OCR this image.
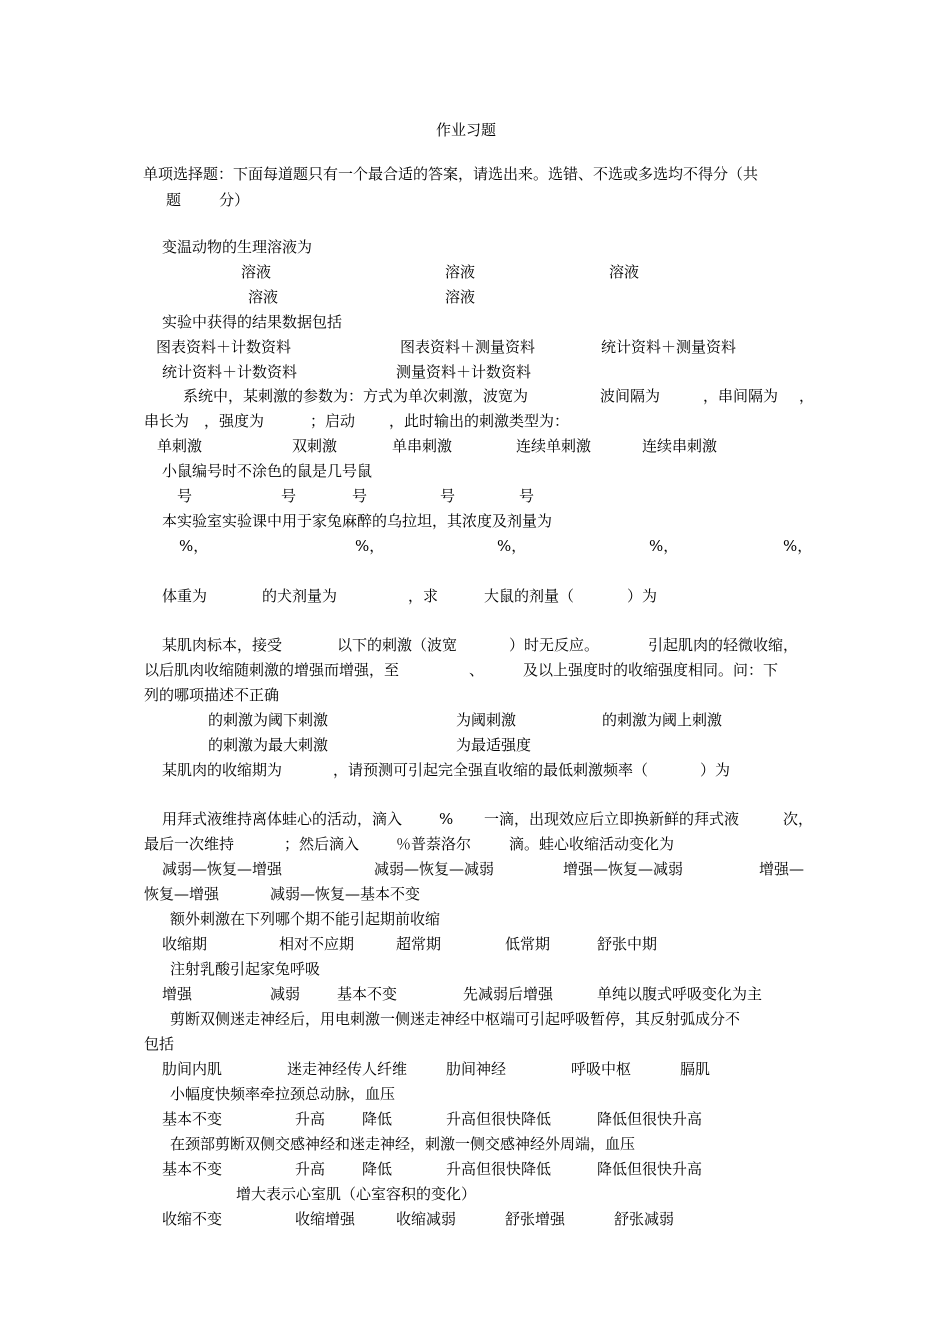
作业习题
单项选择题：下面每道题只有一个最合适的答案，请选出来。选错、不选或多选均不得分（共
题        分）
变温动物的生理溶液为
溶液	溶液	溶液
溶液	溶液
实验中获得的结果数据包括
图表资料＋计数资料	图表资料＋测量资料	统计资料＋测量资料
统计资料＋计数资料	测量资料＋计数资料
系统中，某刺激的参数为：方式为单次刺激，波宽为	波间隔为	，串间隔为 ，
串长为 ，强度为	；启动 ，此时输出的刺激类型为：
单刺激	双刺激	单串刺激	连续单刺激	连续串刺激
小鼠编号时不涂色的鼠是几号鼠
号	号	号	号	号
本实验室实验课中用于家兔麻醉的乌拉坦，其浓度及剂量为
%，	%，	%，	%，	%，
体重为	的犬剂量为	，求	大鼠的剂量（	）为
某肌肉标本，接受	以下的刺激（波宽	）时无反应。	引起肌肉的轻微收缩，
以后肌肉收缩随刺激的增强而增强，至	、	及以上强度时的收缩强度相同。问：下
列的哪项描述不正确
的刺激为阈下刺激	为阈刺激	的刺激为阈上刺激
的刺激为最大刺激	为最适强度
某肌肉的收缩期为	，请预测可引起完全强直收缩的最低刺激频率（	）为
用拜式液维持离体蛙心的活动，滴入 % 一滴，出现效应后立即换新鲜的拜式液	次，
最后一次维持	；然后滴入 ％普萘洛尔	滴。蛙心收缩活动变化为
减弱—恢复—增强	减弱—恢复—减弱	增强—恢复—减弱	增强—
恢复—增强	减弱—恢复—基本不变
额外刺激在下列哪个期不能引起期前收缩
收缩期	相对不应期	超常期	低常期	舒张中期
注射乳酸引起家兔呼吸
增强	减弱 基本不变	先减弱后增强	单纯以腹式呼吸变化为主
剪断双侧迷走神经后，用电刺激一侧迷走神经中枢端可引起呼吸暂停，其反射弧成分不
包括
肋间内肌	迷走神经传人纤维	肋间神经	呼吸中枢	膈肌
小幅度快频率牵拉颈总动脉，血压
基本不变	升高 降低	升高但很快降低	降低但很快升高
在颈部剪断双侧交感神经和迷走神经，刺激一侧交感神经外周端，血压
基本不变	升高 降低	升高但很快降低	降低但很快升高
增大表示心室肌（心室容积的变化）
收缩不变	收缩增强	收缩减弱	舒张增强	舒张减弱
